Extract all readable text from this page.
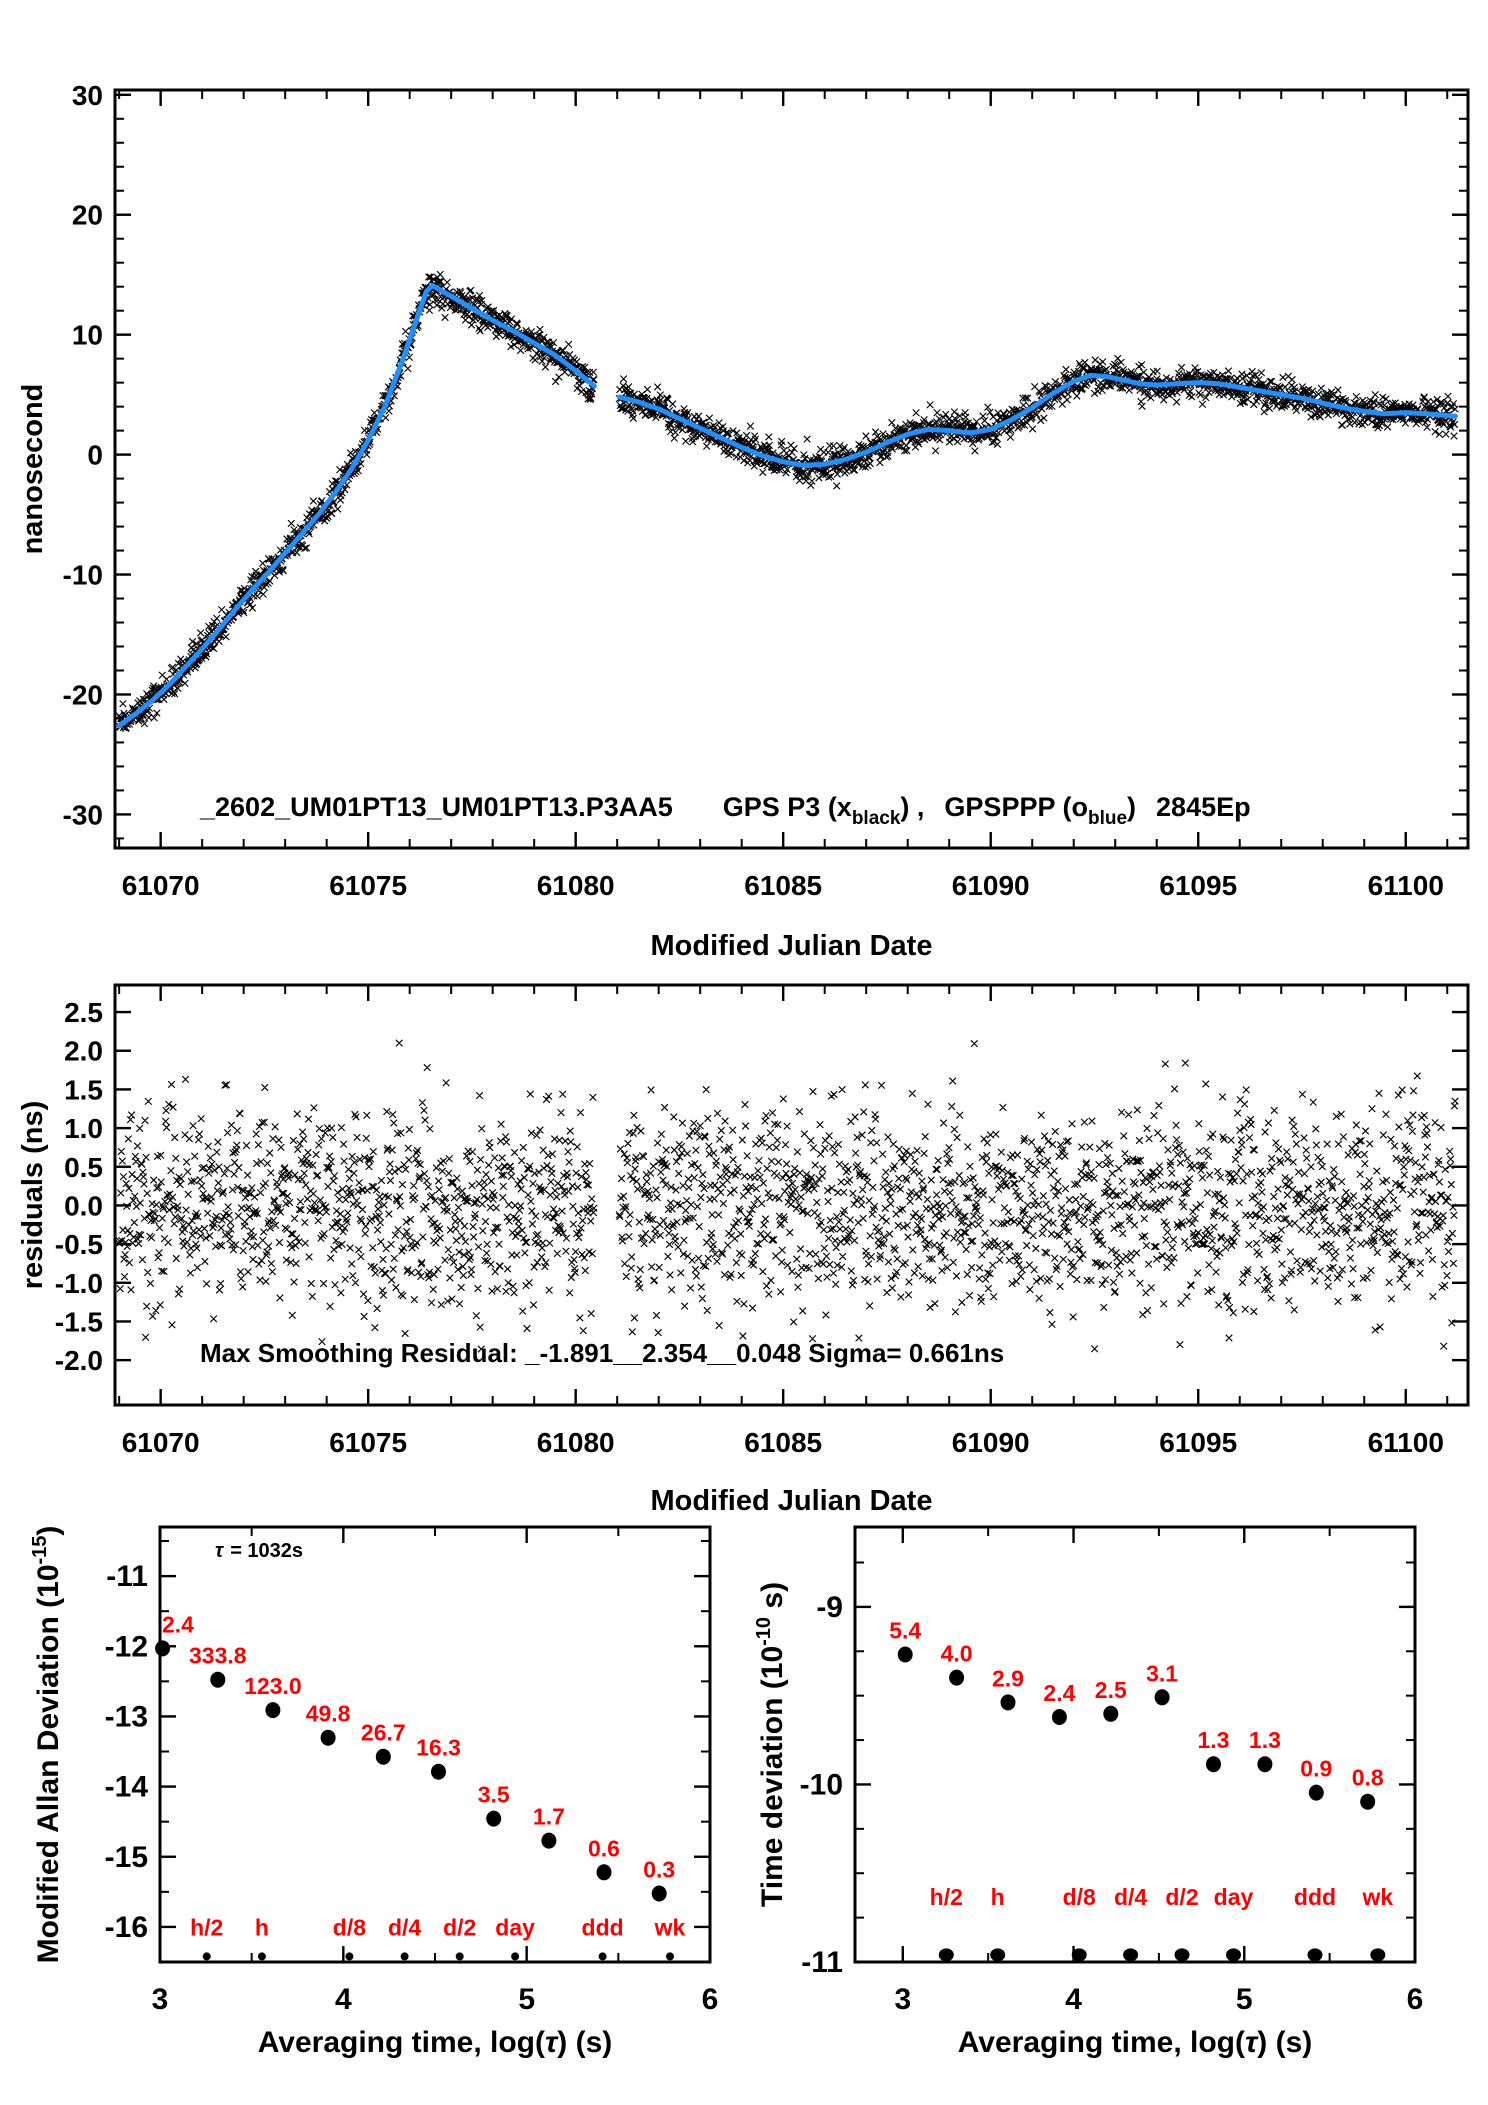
61070	61075	61080	61085	61090	61095	61100
30
20
10
0
-10
-20
-30
nanosecond
Modified Julian Date
_2602_UM01PT13_UM01PT13.P3AA5 GPS P3 $(x_{black})$ , GPSPPP $(o_{blue})$ 2845Ep
61070	61075	61080	61085	61090	61095	61100
2.5
2.0
1.5
1.0
0.5
0.0
-0.5
-1.0
-1.5
-2.0
residuals (ns)
Modified Julian Date
Max Smoothing Residual: _-1.891__2.354__0.048 Sigma= 0.661ns
3	4	5	6
-11
-12
-13
-14
-15
-16
Modified Allan Deviation $(10^{-15})$
Averaging time, log(τ) (s)
2.4
333.8
123.0
49.8
26.7
16.3
3.5
1.7
0.6
0.3
h/2 h	d/8 d/4 d/2 day ddd wk
τ = 1032s
3	4	5	6
-9
-10
-11
Time deviation ($10^{-10}$ s)
Averaging time, log(τ) (s)
5.4
4.0
2.9
2.4 2.5
3.1
1.3 1.3
0.9 0.8
h/2 h	d/8 d/4 d/2 day ddd wk
